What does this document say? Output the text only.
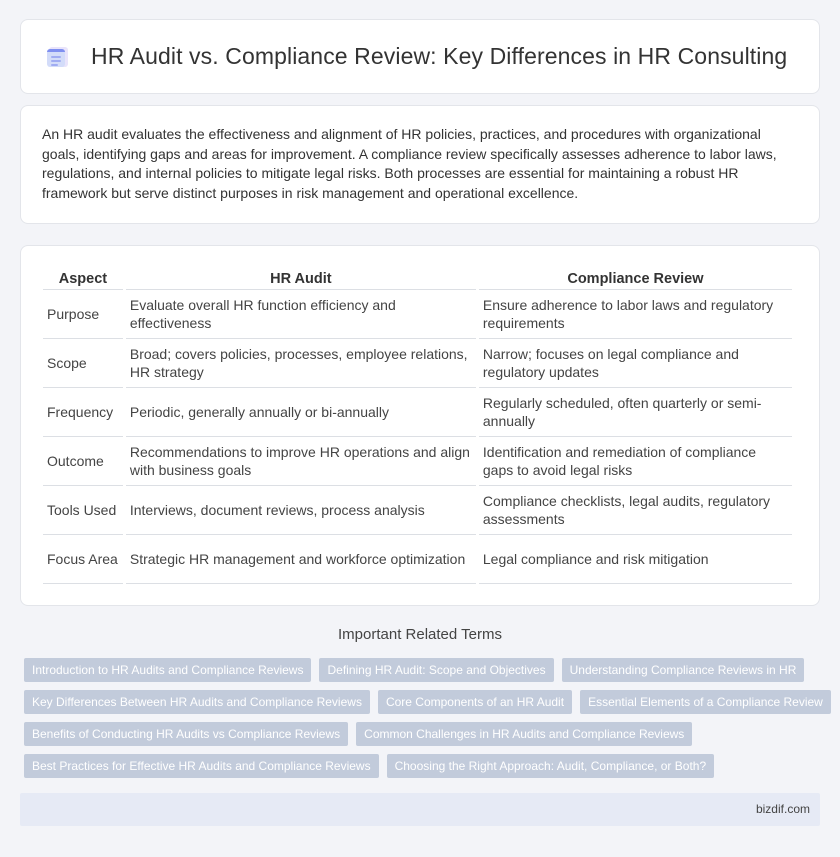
HR Audit vs. Compliance Review: Key Differences in HR Consulting

An HR audit evaluates the effectiveness and alignment of HR policies, practices, and procedures with organizational goals, identifying gaps and areas for improvement. A compliance review specifically assesses adherence to labor laws, regulations, and internal policies to mitigate legal risks. Both processes are essential for maintaining a robust HR framework but serve distinct purposes in risk management and operational excellence.

Aspect	HR Audit	Compliance Review
Purpose	Evaluate overall HR function efficiency and effectiveness	Ensure adherence to labor laws and regulatory requirements
Scope	Broad; covers policies, processes, employee relations, HR strategy	Narrow; focuses on legal compliance and regulatory updates
Frequency	Periodic, generally annually or bi-annually	Regularly scheduled, often quarterly or semi-annually
Outcome	Recommendations to improve HR operations and align with business goals	Identification and remediation of compliance gaps to avoid legal risks
Tools Used	Interviews, document reviews, process analysis	Compliance checklists, legal audits, regulatory assessments
Focus Area	Strategic HR management and workforce optimization	Legal compliance and risk mitigation
Important Related Terms
Introduction to HR Audits and Compliance Reviews	Defining HR Audit: Scope and Objectives	Understanding Compliance Reviews in HR
Key Differences Between HR Audits and Compliance Reviews	Core Components of an HR Audit	Essential Elements of a Compliance Review
Benefits of Conducting HR Audits vs Compliance Reviews	Common Challenges in HR Audits and Compliance Reviews
Best Practices for Effective HR Audits and Compliance Reviews	Choosing the Right Approach: Audit, Compliance, or Both?
bizdif.com
